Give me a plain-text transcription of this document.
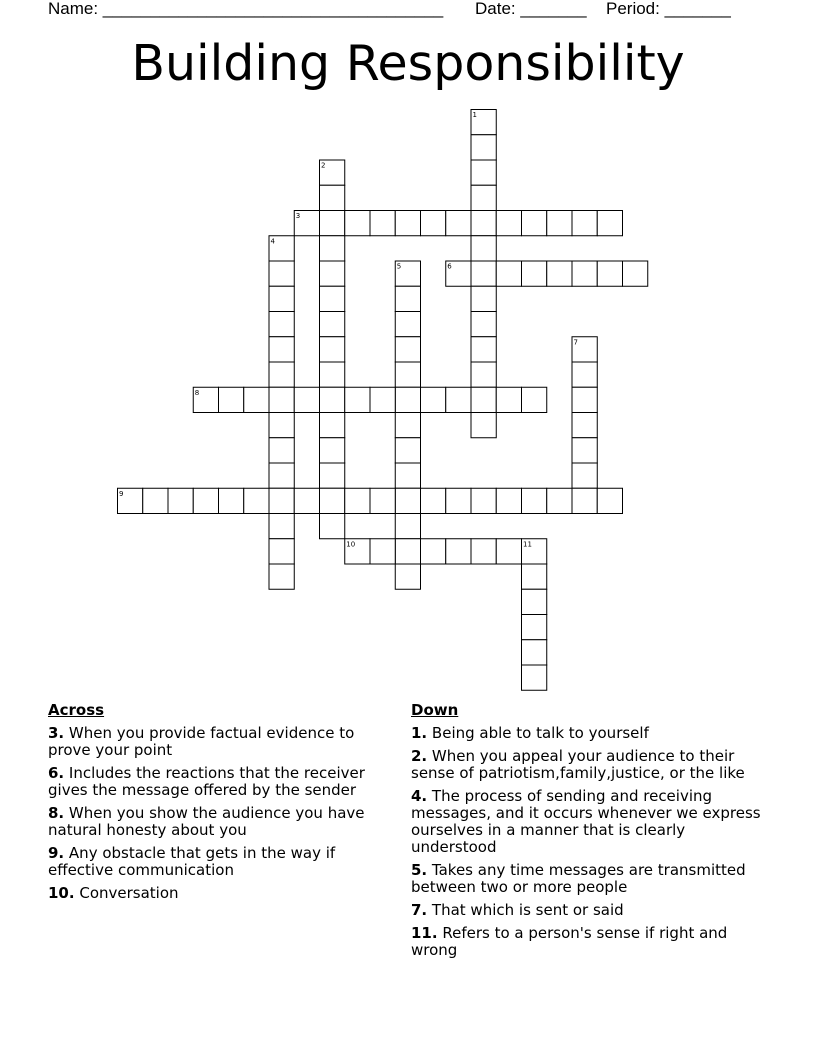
Name: ____________________________________ Date: _______ Period: _______
Building Responsibility
1
2
3
4
5	6
7
8
9
10	11
Across
3. When you provide factual evidence to prove your point
6. Includes the reactions that the receiver gives the message offered by the sender
8. When you show the audience you have natural honesty about you
9. Any obstacle that gets in the way if effective communication
10. Conversation
Down
1. Being able to talk to yourself
2. When you appeal your audience to their sense of patriotism,family,justice, or the like
4. The process of sending and receiving messages, and it occurs whenever we express ourselves in a manner that is clearly understood
5. Takes any time messages are transmitted between two or more people
7. That which is sent or said
11. Refers to a person's sense if right and wrong
